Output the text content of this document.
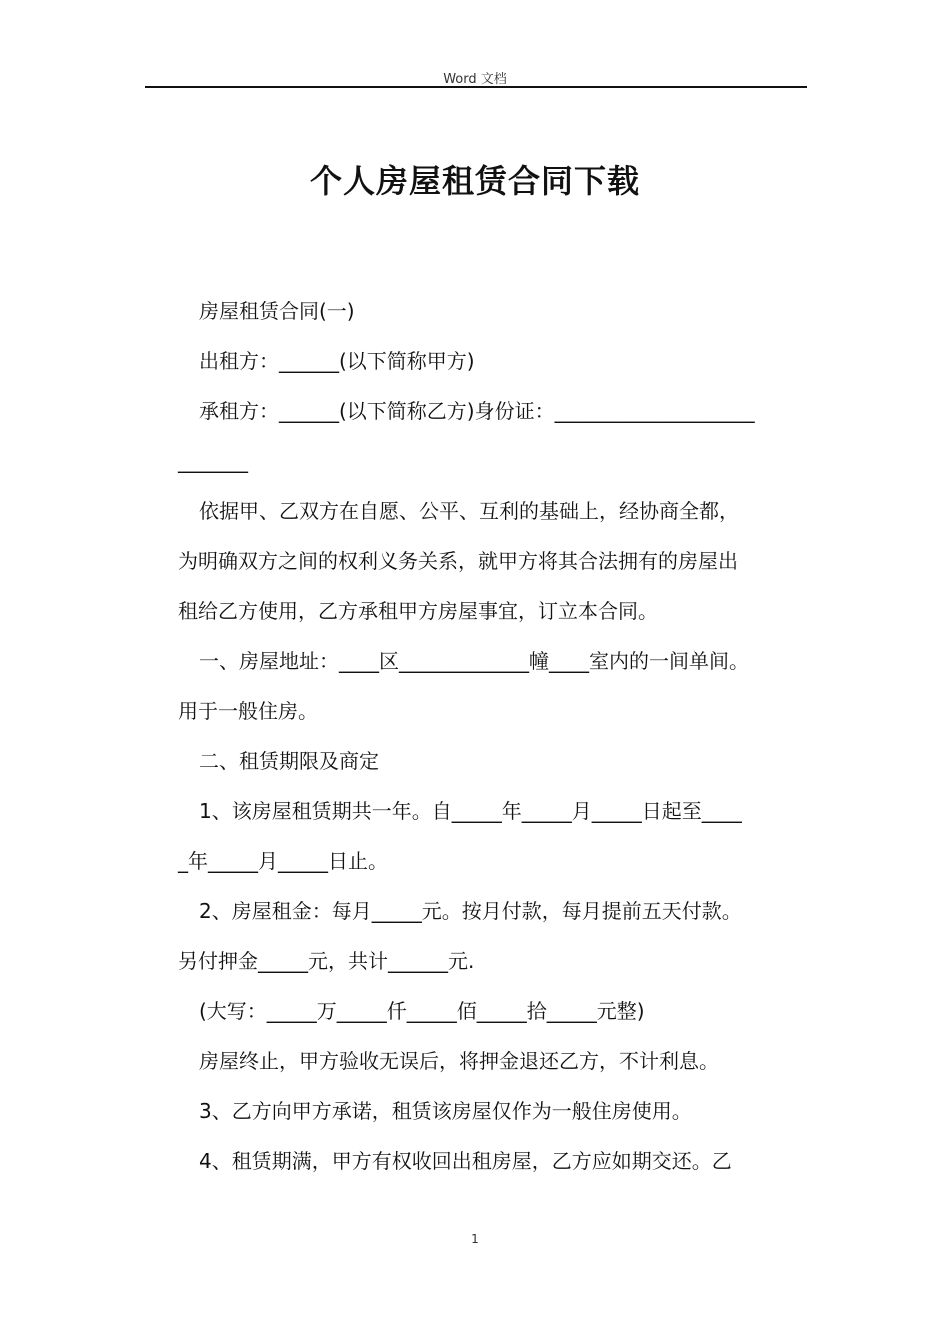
Word 文档
个人房屋租赁合同下载

房屋租赁合同(一)

出租方：______(以下简称甲方)

承租方：______(以下简称乙方)身份证：____________________

_______

依据甲、乙双方在自愿、公平、互利的基础上，经协商全都，

为明确双方之间的权利义务关系，就甲方将其合法拥有的房屋出

租给乙方使用，乙方承租甲方房屋事宜，订立本合同。

一、房屋地址：____区_____________幢____室内的一间单间。

用于一般住房。

二、租赁期限及商定

1、该房屋租赁期共一年。自_____年_____月_____日起至____

_年_____月_____日止。

2、房屋租金：每月_____元。按月付款，每月提前五天付款。

另付押金_____元，共计______元.

(大写：_____万_____仟_____佰_____拾_____元整)

房屋终止，甲方验收无误后，将押金退还乙方，不计利息。

3、乙方向甲方承诺，租赁该房屋仅作为一般住房使用。

4、租赁期满，甲方有权收回出租房屋，乙方应如期交还。乙

1
